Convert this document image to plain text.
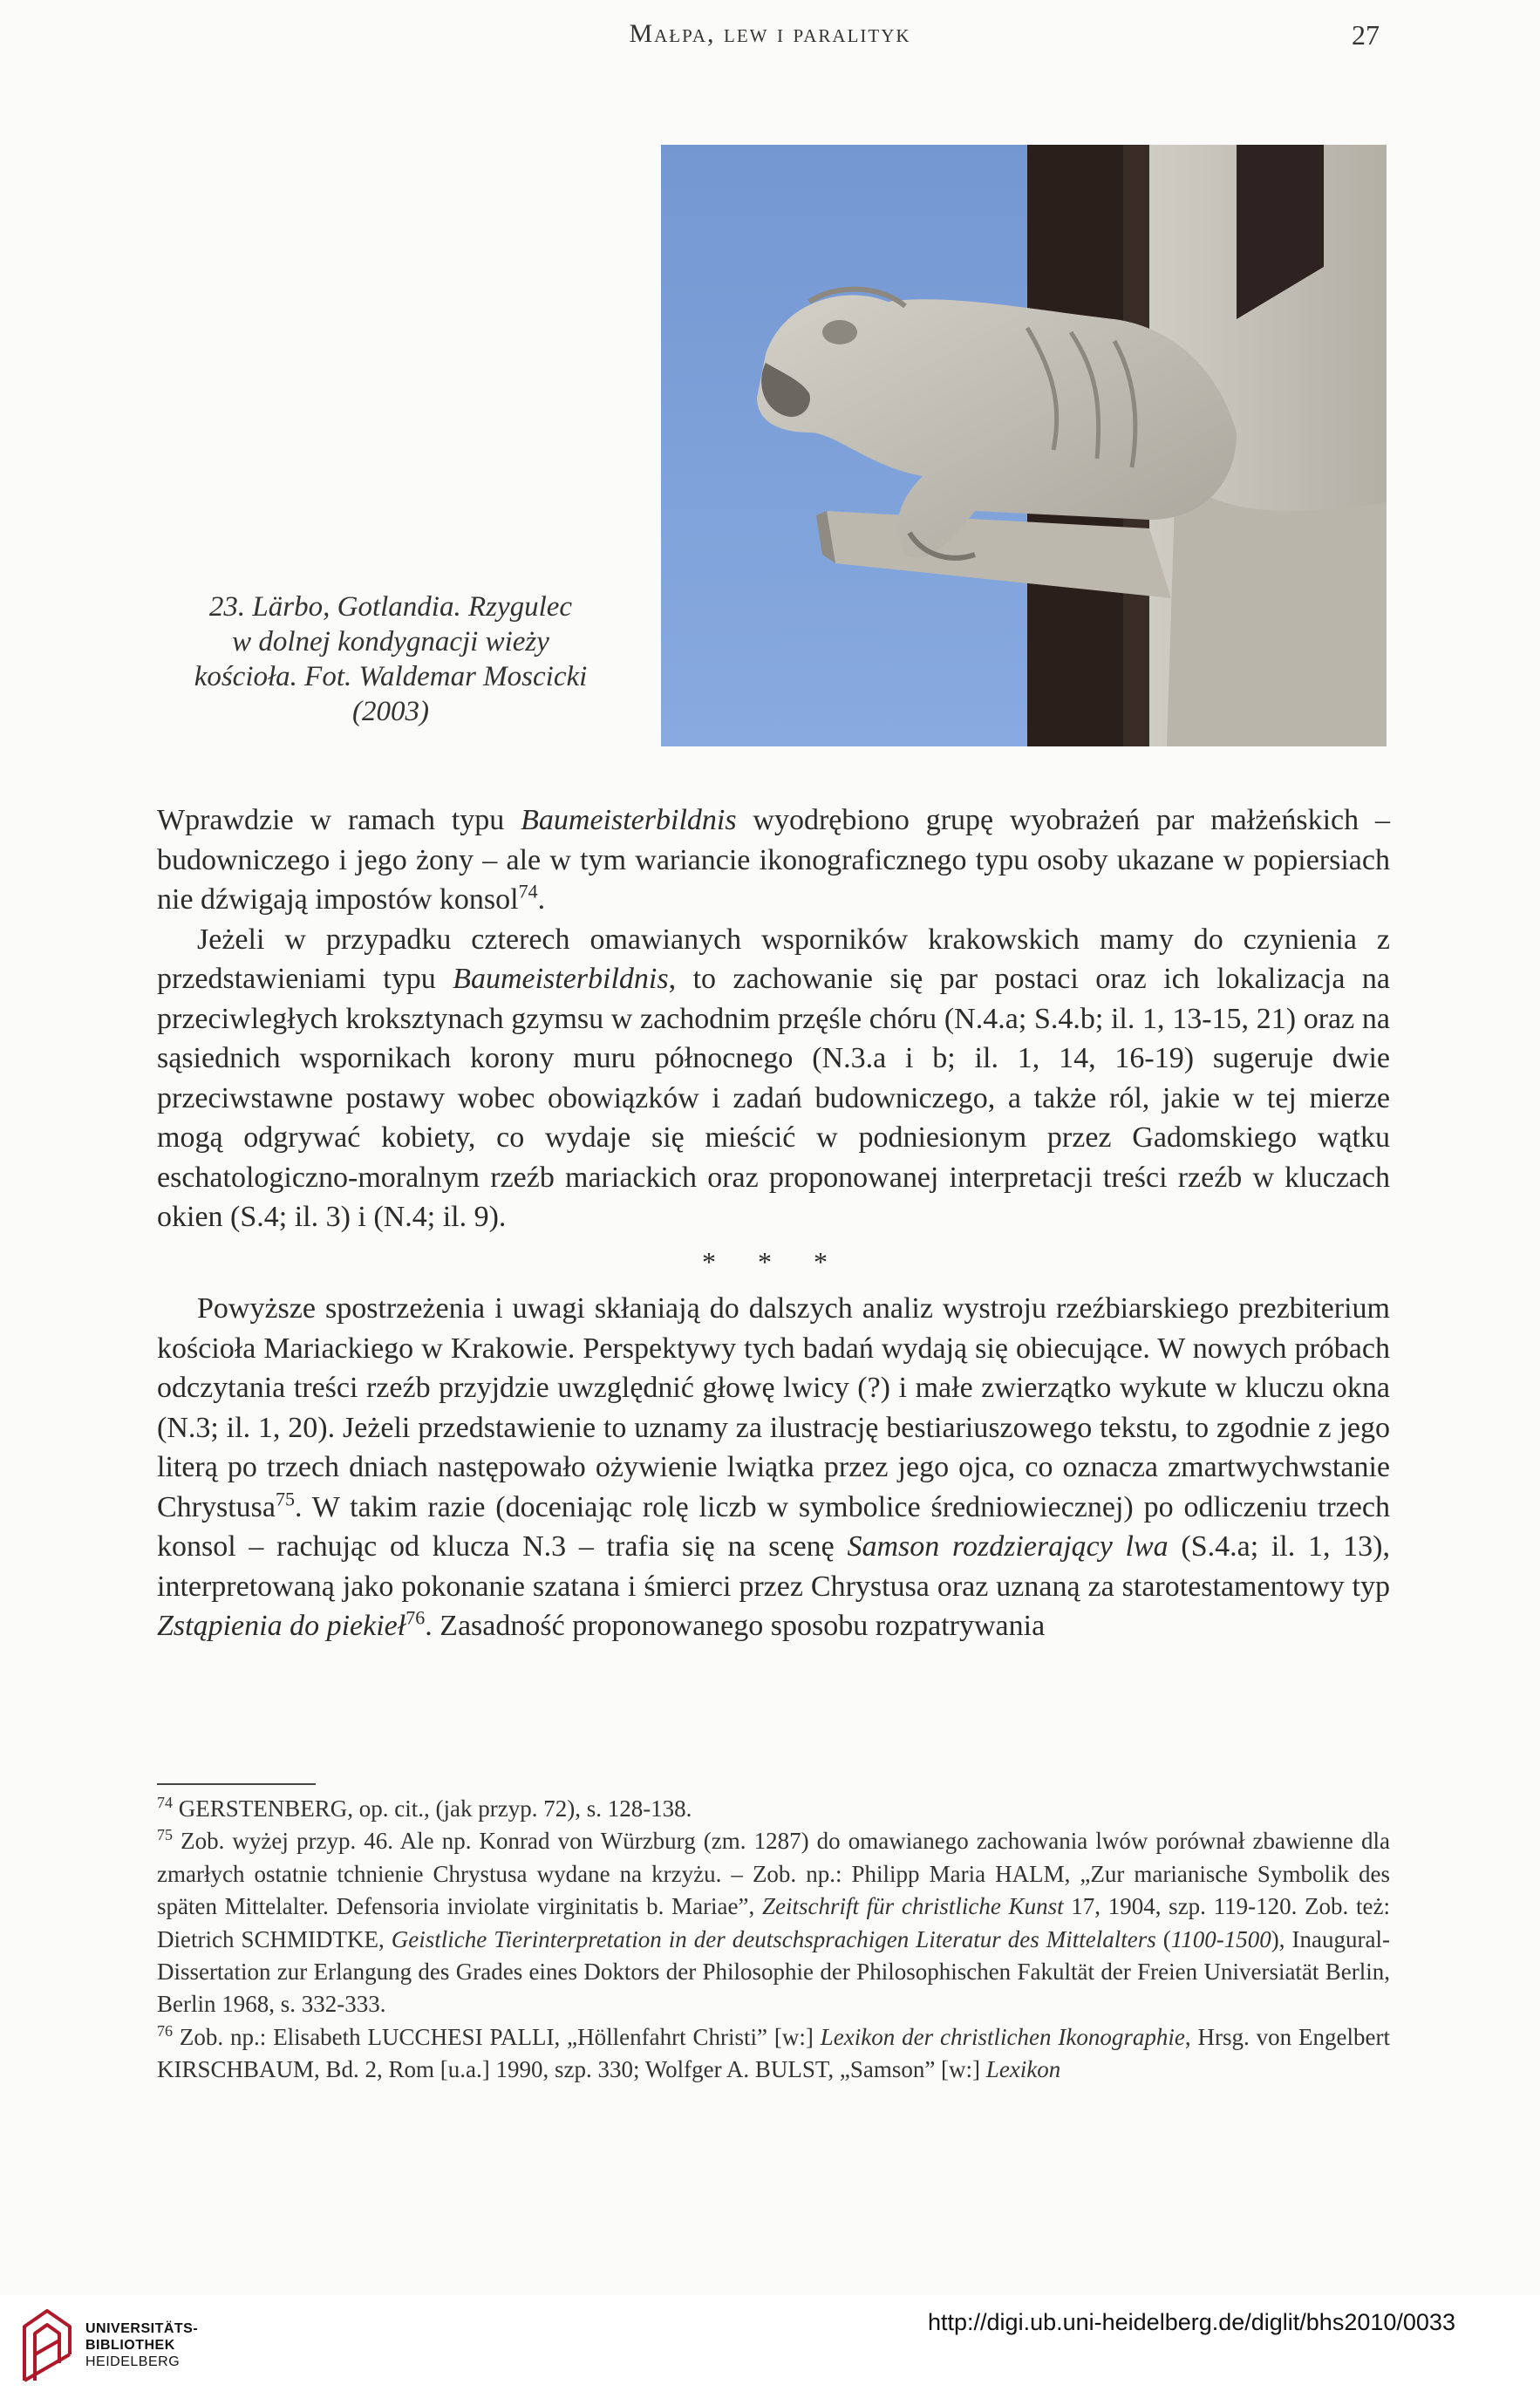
Małpa, lew i paralityk	27
23. Lärbo, Gotlandia. Rzygulec
w dolnej kondygnacji wieży
kościoła. Fot. Waldemar Moscicki
(2003)

Wprawdzie w ramach typu Baumeisterbildnis wyodrębiono grupę wyobrażeń par małżeńskich – budowniczego i jego żony – ale w tym wariancie ikonograficznego typu osoby ukazane w popiersiach nie dźwigają impostów konsol$^{74}$.

Jeżeli w przypadku czterech omawianych wsporników krakowskich mamy do czynienia z przedstawieniami typu Baumeisterbildnis, to zachowanie się par postaci oraz ich lokalizacja na przeciwległych kroksztynach gzymsu w zachodnim przęśle chóru (N.4.a; S.4.b; il. 1, 13-15, 21) oraz na sąsiednich wspornikach korony muru północnego (N.3.a i b; il. 1, 14, 16-19) sugeruje dwie przeciwstawne postawy wobec obowiązków i zadań budowniczego, a także ról, jakie w tej mierze mogą odgrywać kobiety, co wydaje się mieścić w podniesionym przez Gadomskiego wątku eschatologiczno-moralnym rzeźb mariackich oraz proponowanej interpretacji treści rzeźb w kluczach okien (S.4; il. 3) i (N.4; il. 9).

* * *

Powyższe spostrzeżenia i uwagi skłaniają do dalszych analiz wystroju rzeźbiarskiego prezbiterium kościoła Mariackiego w Krakowie. Perspektywy tych badań wydają się obiecujące. W nowych próbach odczytania treści rzeźb przyjdzie uwzględnić głowę lwicy (?) i małe zwierzątko wykute w kluczu okna (N.3; il. 1, 20). Jeżeli przedstawienie to uznamy za ilustrację bestiariuszowego tekstu, to zgodnie z jego literą po trzech dniach następowało ożywienie lwiątka przez jego ojca, co oznacza zmartwychwstanie Chrystusa$^{75}$. W takim razie (doceniając rolę liczb w symbolice średniowiecznej) po odliczeniu trzech konsol – rachując od klucza N.3 – trafia się na scenę Samson rozdzierający lwa (S.4.a; il. 1, 13), interpretowaną jako pokonanie szatana i śmierci przez Chrystusa oraz uznaną za starotestamentowy typ Zstąpienia do piekieł$^{76}$. Zasadność proponowanego sposobu rozpatrywania

$^{74}$ GERSTENBERG, op. cit., (jak przyp. 72), s. 128-138.

$^{75}$ Zob. wyżej przyp. 46. Ale np. Konrad von Würzburg (zm. 1287) do omawianego zachowania lwów porównał zbawienne dla zmarłych ostatnie tchnienie Chrystusa wydane na krzyżu. – Zob. np.: Philipp Maria HALM, „Zur marianische Symbolik des späten Mittelalter. Defensoria inviolate virginitatis b. Mariae”, Zeitschrift für christliche Kunst 17, 1904, szp. 119-120. Zob. też: Dietrich SCHMIDTKE, Geistliche Tierinterpretation in der deutschsprachigen Literatur des Mittelalters (1100-1500), Inaugural-Dissertation zur Erlangung des Grades eines Doktors der Philosophie der Philosophischen Fakultät der Freien Universiatät Berlin, Berlin 1968, s. 332-333.

$^{76}$ Zob. np.: Elisabeth LUCCHESI PALLI, „Höllenfahrt Christi” [w:] Lexikon der christlichen Ikonographie, Hrsg. von Engelbert KIRSCHBAUM, Bd. 2, Rom [u.a.] 1990, szp. 330; Wolfger A. BULST, „Samson” [w:] Lexikon

UNIVERSITÄTS-
BIBLIOTHEK
HEIDELBERG
http://digi.ub.uni-heidelberg.de/diglit/bhs2010/0033
